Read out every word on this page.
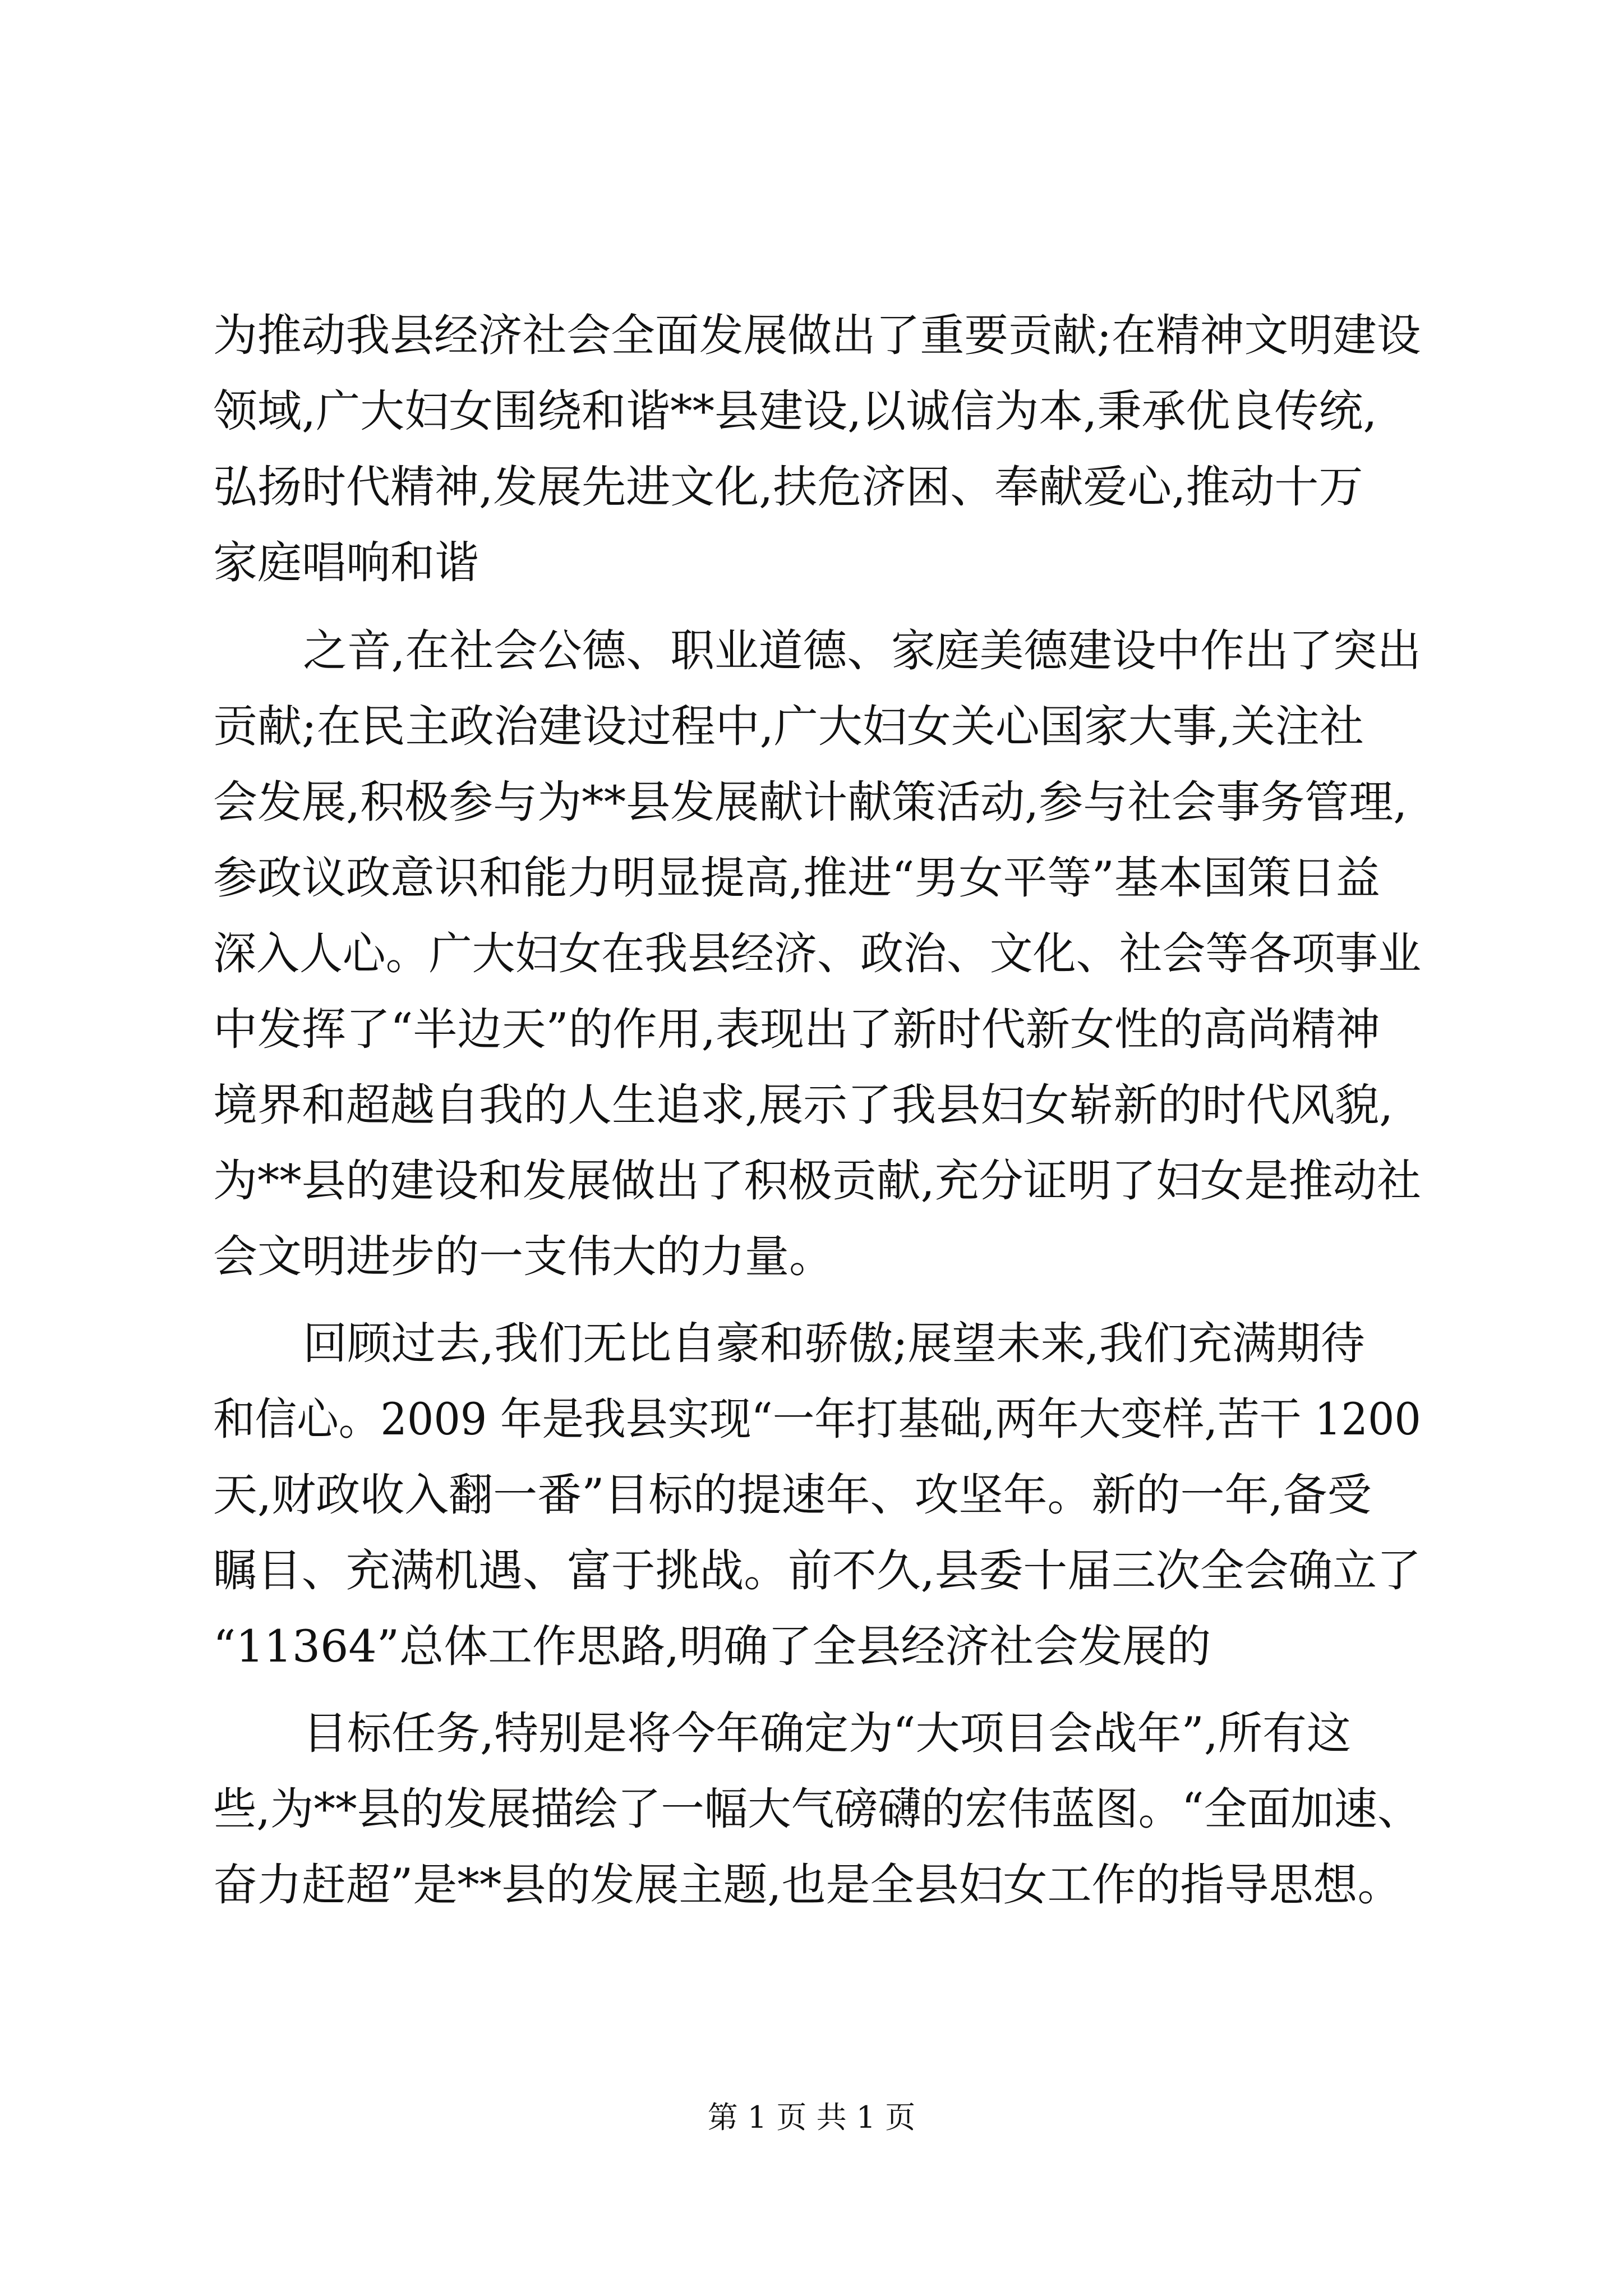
为推动我县经济社会全面发展做出了重要贡献;在精神文明建设

领域,广大妇女围绕和谐**县建设,以诚信为本,秉承优良传统,

弘扬时代精神,发展先进文化,扶危济困、奉献爱心,推动十万

家庭唱响和谐

之音,在社会公德、职业道德、家庭美德建设中作出了突出

贡献;在民主政治建设过程中,广大妇女关心国家大事,关注社

会发展,积极参与为**县发展献计献策活动,参与社会事务管理,

参政议政意识和能力明显提高,推进“男女平等”基本国策日益

深入人心。广大妇女在我县经济、政治、文化、社会等各项事业

中发挥了“半边天”的作用,表现出了新时代新女性的高尚精神

境界和超越自我的人生追求,展示了我县妇女崭新的时代风貌,

为**县的建设和发展做出了积极贡献,充分证明了妇女是推动社

会文明进步的一支伟大的力量。

回顾过去,我们无比自豪和骄傲;展望未来,我们充满期待

和信心。2009 年是我县实现“一年打基础,两年大变样,苦干 1200

天,财政收入翻一番”目标的提速年、攻坚年。新的一年,备受

瞩目、充满机遇、富于挑战。前不久,县委十届三次全会确立了

“11364”总体工作思路,明确了全县经济社会发展的

目标任务,特别是将今年确定为“大项目会战年”,所有这

些,为**县的发展描绘了一幅大气磅礴的宏伟蓝图。“全面加速、

奋力赶超”是**县的发展主题,也是全县妇女工作的指导思想。

第 1 页 共 1 页
